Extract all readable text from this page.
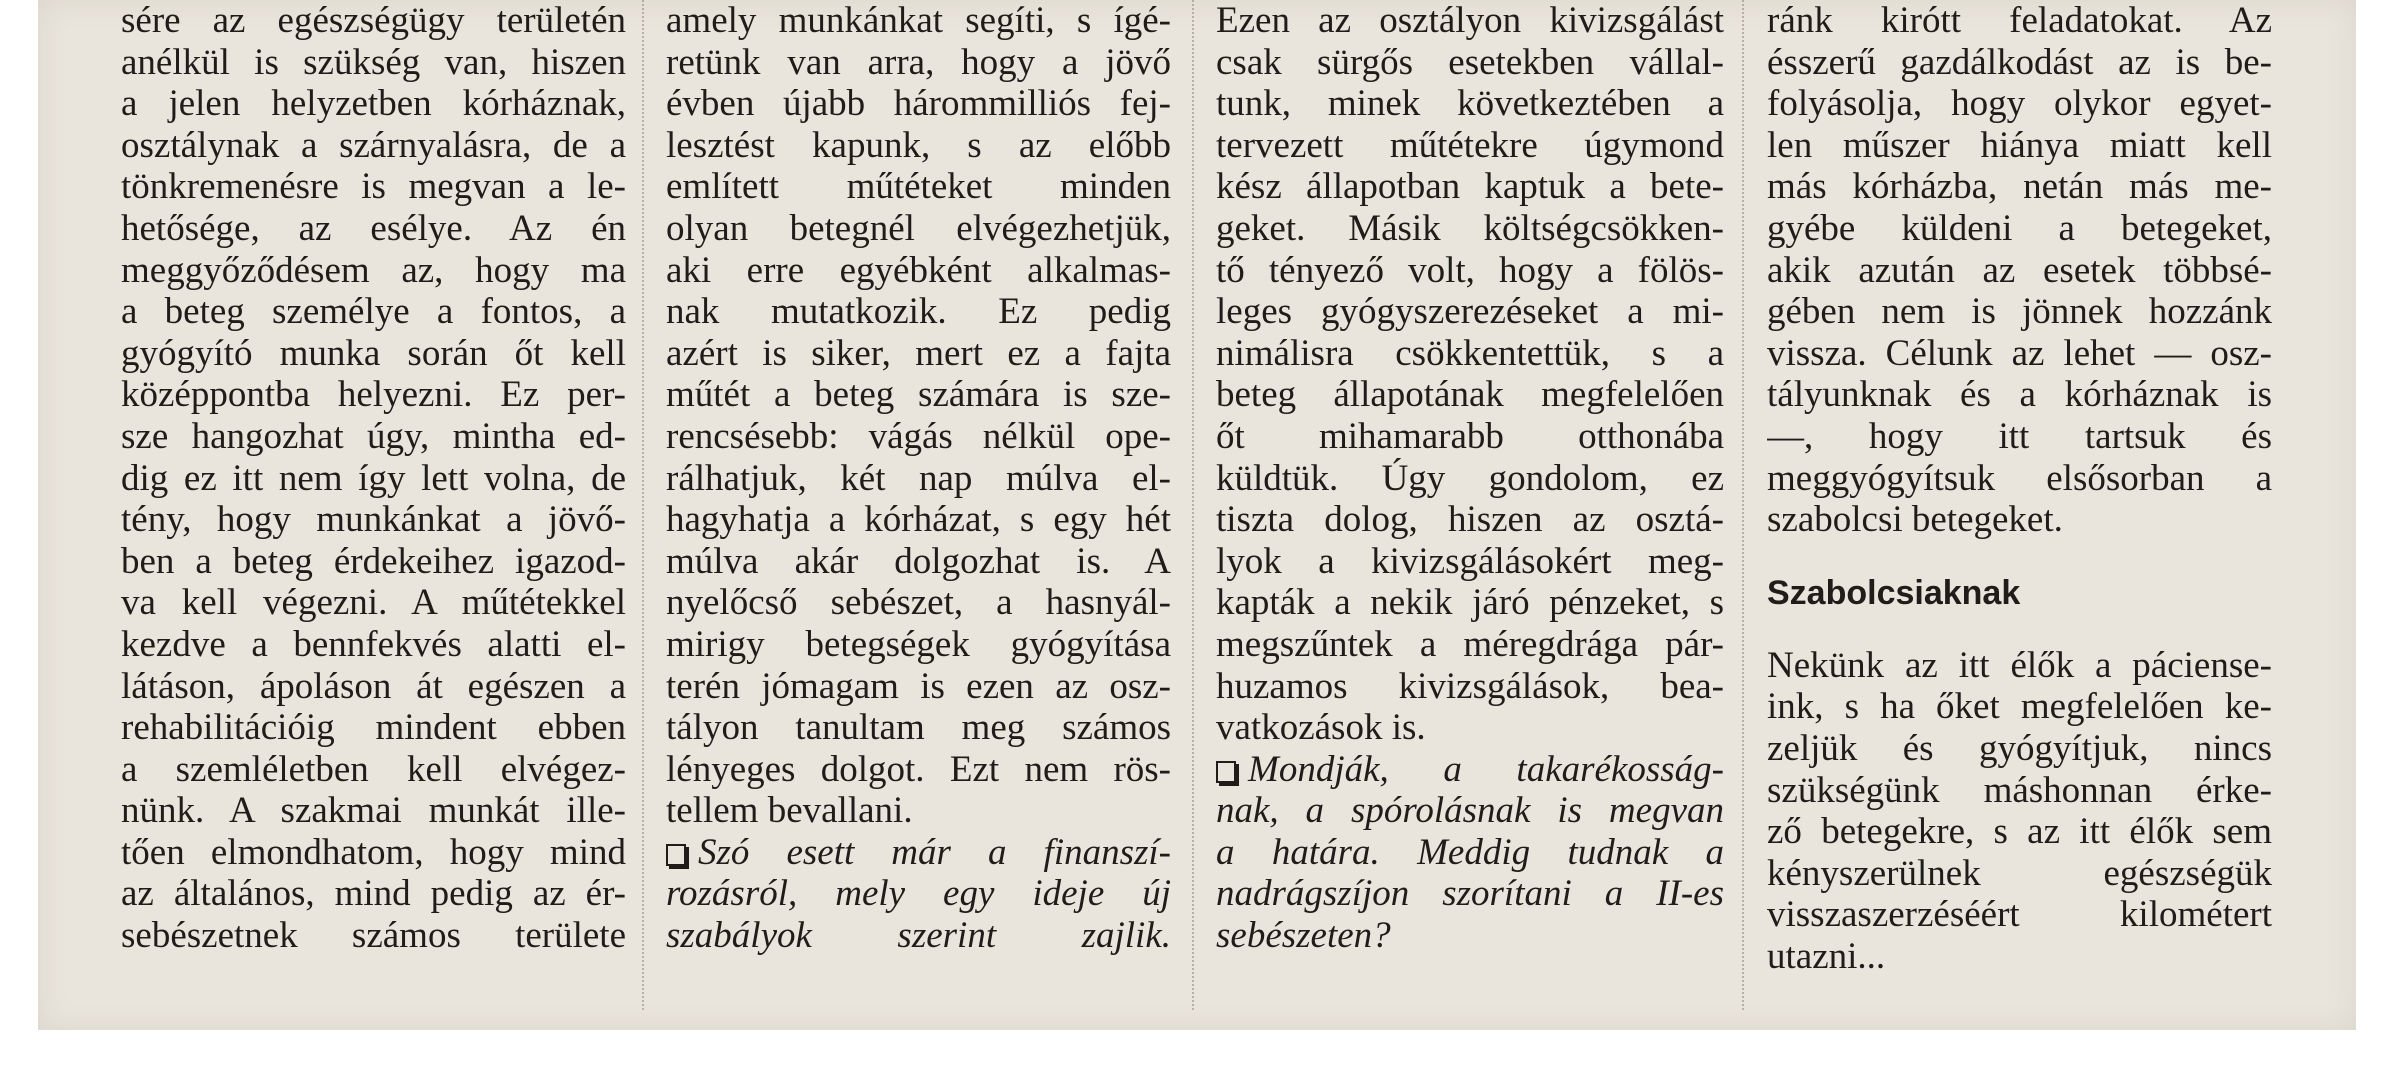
sére az egészségügy területén
anélkül is szükség van, hiszen
a jelen helyzetben kórháznak,
osztálynak a szárnyalásra, de a
tönkremenésre is megvan a le-
hetősége, az esélye. Az én
meggyőződésem az, hogy ma
a beteg személye a fontos, a
gyógyító munka során őt kell
középpontba helyezni. Ez per-
sze hangozhat úgy, mintha ed-
dig ez itt nem így lett volna, de
tény, hogy munkánkat a jövő-
ben a beteg érdekeihez igazod-
va kell végezni. A műtétekkel
kezdve a bennfekvés alatti el-
látáson, ápoláson át egészen a
rehabilitációig mindent ebben
a szemléletben kell elvégez-
nünk. A szakmai munkát ille-
tően elmondhatom, hogy mind
az általános, mind pedig az ér-
sebészetnek számos területe
amely munkánkat segíti, s ígé-
retünk van arra, hogy a jövő
évben újabb hárommilliós fej-
lesztést kapunk, s az előbb
említett műtéteket minden
olyan betegnél elvégezhetjük,
aki erre egyébként alkalmas-
nak mutatkozik. Ez pedig
azért is siker, mert ez a fajta
műtét a beteg számára is sze-
rencsésebb: vágás nélkül ope-
rálhatjuk, két nap múlva el-
hagyhatja a kórházat, s egy hét
múlva akár dolgozhat is. A
nyelőcső sebészet, a hasnyál-
mirigy betegségek gyógyítása
terén jómagam is ezen az osz-
tályon tanultam meg számos
lényeges dolgot. Ezt nem rös-
tellem bevallani.
Szó esett már a finanszí-
rozásról, mely egy ideje új
szabályok szerint zajlik.
Ezen az osztályon kivizsgálást
csak sürgős esetekben vállal-
tunk, minek következtében a
tervezett műtétekre úgymond
kész állapotban kaptuk a bete-
geket. Másik költségcsökken-
tő tényező volt, hogy a fölös-
leges gyógyszerezéseket a mi-
nimálisra csökkentettük, s a
beteg állapotának megfelelően
őt mihamarabb otthonába
küldtük. Úgy gondolom, ez
tiszta dolog, hiszen az osztá-
lyok a kivizsgálásokért meg-
kapták a nekik járó pénzeket, s
megszűntek a méregdrága pár-
huzamos kivizsgálások, bea-
vatkozások is.
Mondják, a takarékosság-
nak, a spórolásnak is megvan
a határa. Meddig tudnak a
nadrágszíjon szorítani a II-es
sebészeten?
ránk kirótt feladatokat. Az
ésszerű gazdálkodást az is be-
folyásolja, hogy olykor egyet-
len műszer hiánya miatt kell
más kórházba, netán más me-
gyébe küldeni a betegeket,
akik azután az esetek többsé-
gében nem is jönnek hozzánk
vissza. Célunk az lehet — osz-
tályunknak és a kórháznak is
—, hogy itt tartsuk és
meggyógyítsuk elsősorban a
szabolcsi betegeket.
Szabolcsiaknak
Nekünk az itt élők a páciense-
ink, s ha őket megfelelően ke-
zeljük és gyógyítjuk, nincs
szükségünk máshonnan érke-
ző betegekre, s az itt élők sem
kényszerülnek egészségük
visszaszerzéséért kilométert
utazni...
